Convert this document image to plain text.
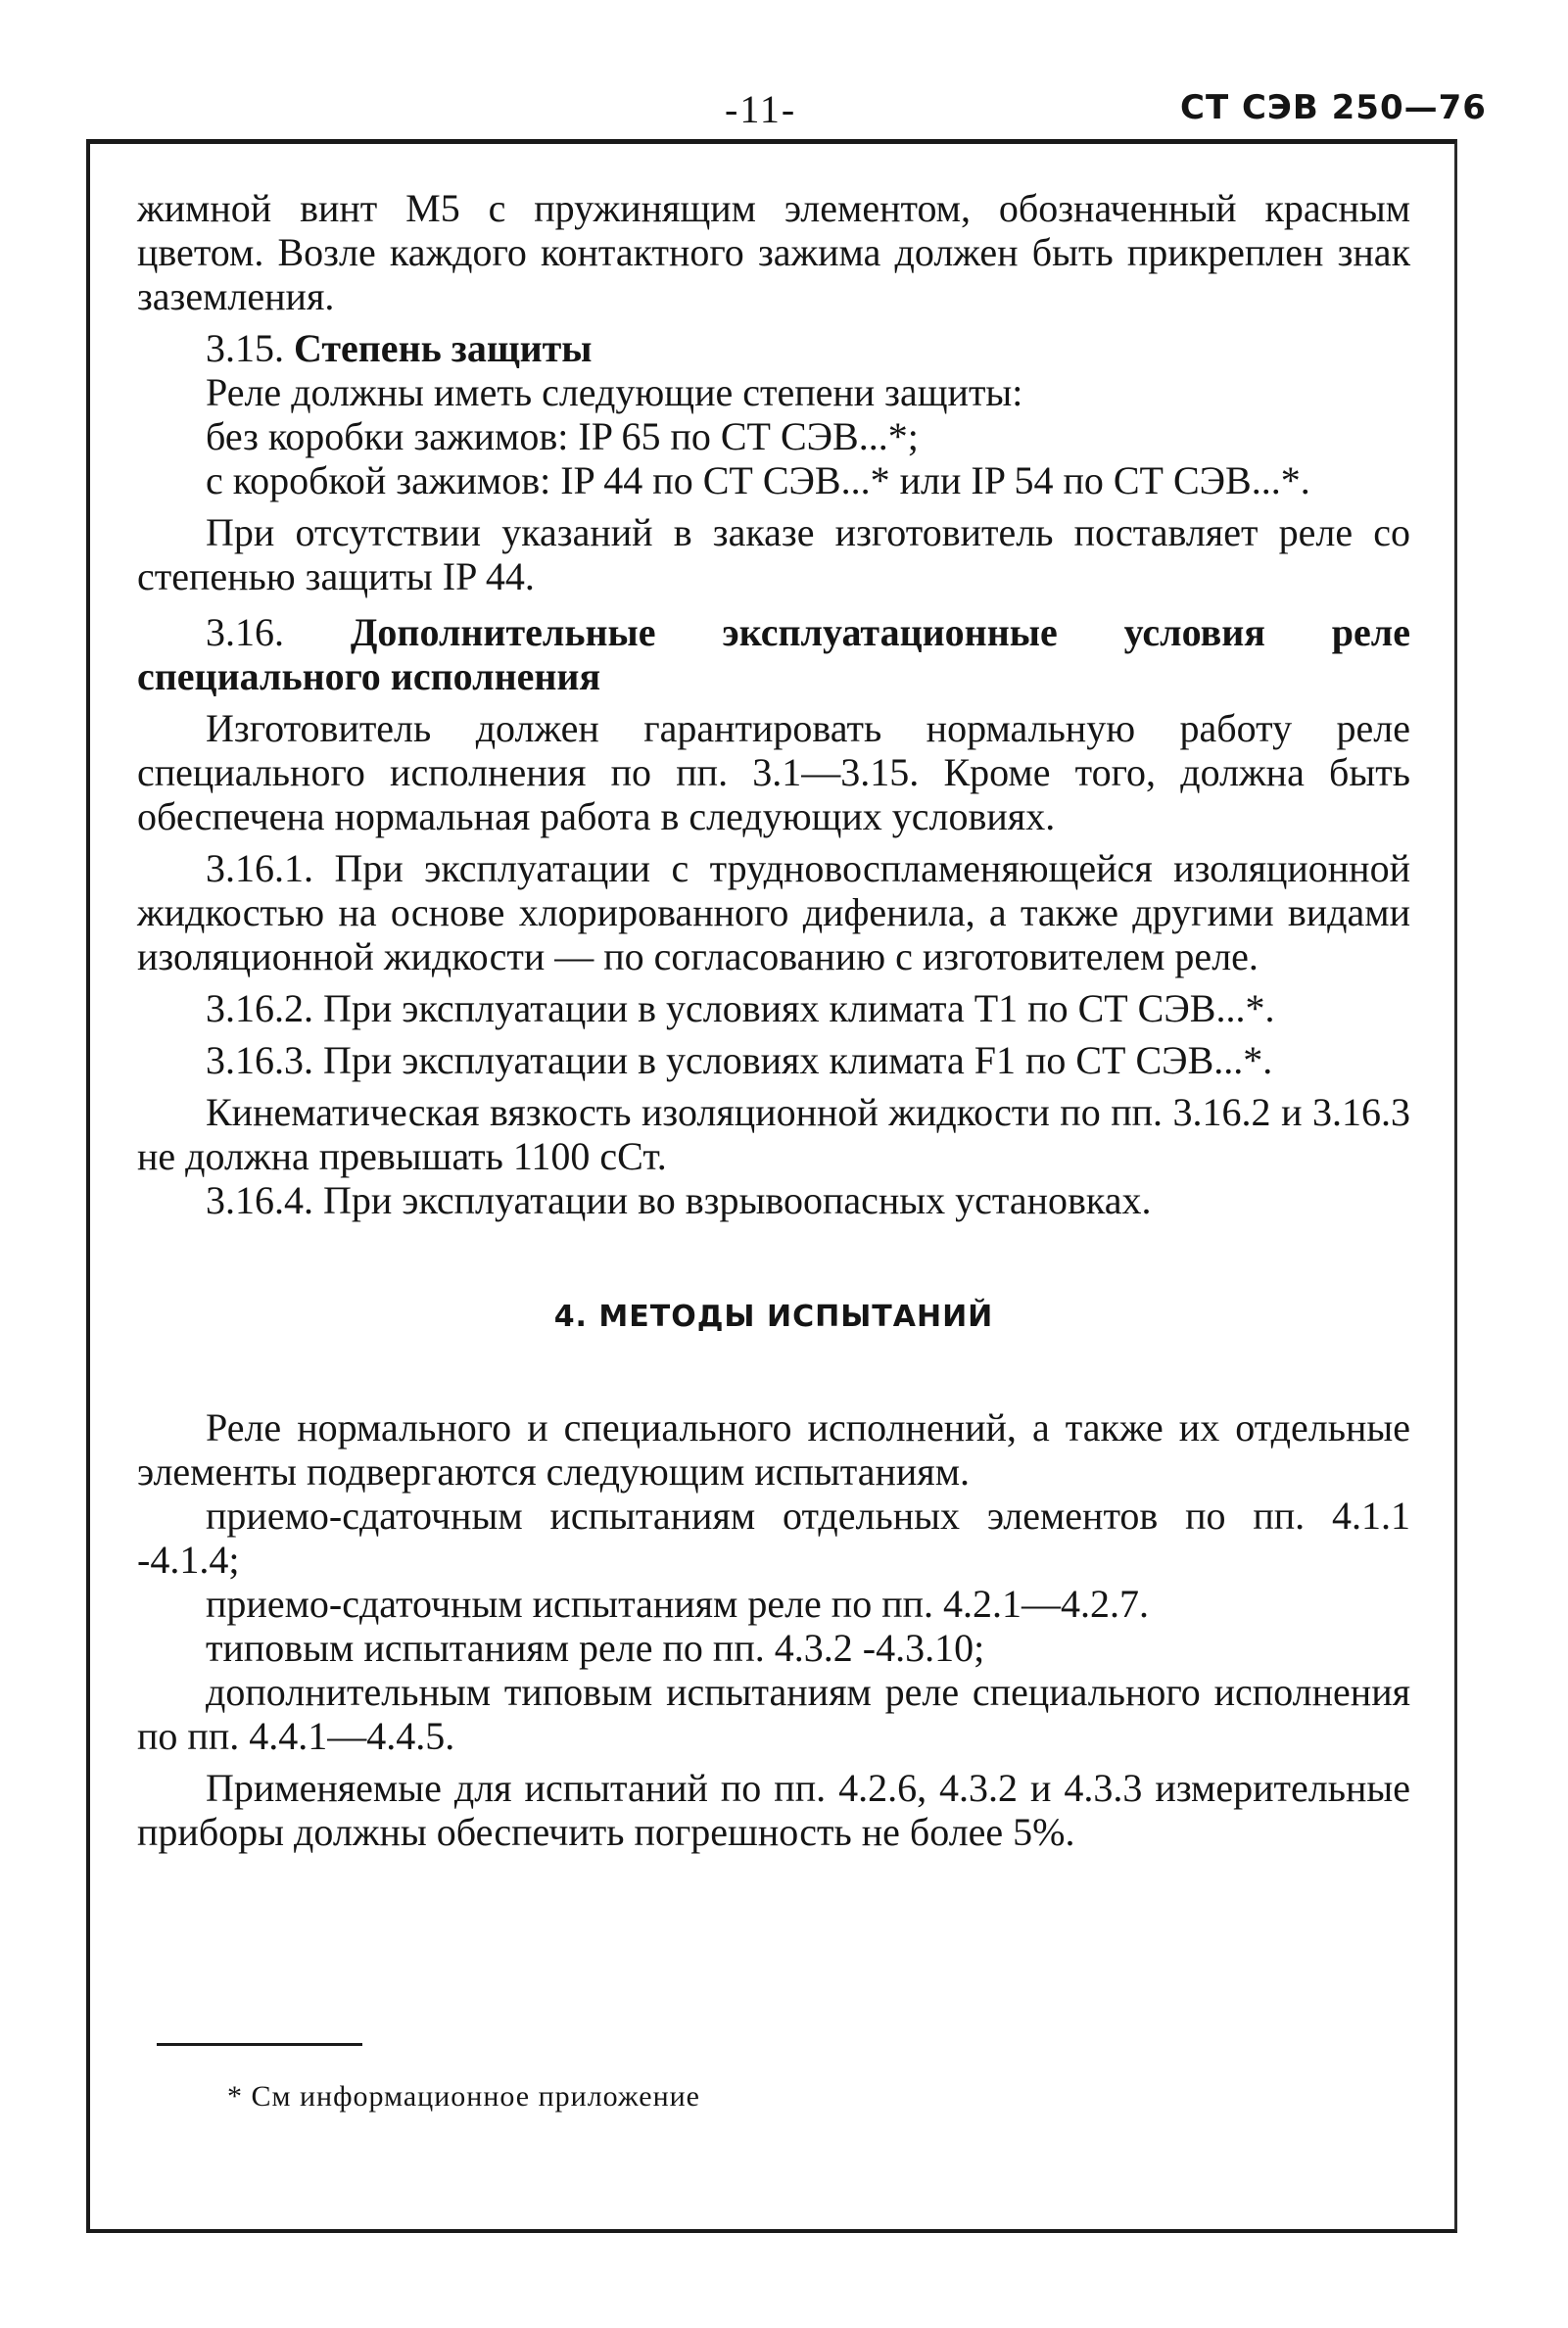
-11-	СТ СЭВ 250—76

жимной винт М5 с пружинящим элементом, обозначенный красным цветом. Возле каждого контактного зажима должен быть прикреплен знак заземления.

3.15. Степень защиты

Реле должны иметь следующие степени защиты:

без коробки зажимов: IP 65 по СТ СЭВ...*;

с коробкой зажимов: IP 44 по СТ СЭВ...* или IP 54 по СТ СЭВ...*.

При отсутствии указаний в заказе изготовитель поставляет реле со степенью защиты IP 44.

3.16. Дополнительные эксплуатационные условия реле специального исполнения

Изготовитель должен гарантировать нормальную работу реле специального исполнения по пп. 3.1—3.15. Кроме того, должна быть обеспечена нормальная работа в следующих условиях.

3.16.1. При эксплуатации с трудновоспламеняющейся изоляционной жидкостью на основе хлорированного дифенила, а также другими видами изоляционной жидкости — по согласованию с изготовителем реле.

3.16.2. При эксплуатации в условиях климата Т1 по СТ СЭВ...*.

3.16.3. При эксплуатации в условиях климата F1 по СТ СЭВ...*.

Кинематическая вязкость изоляционной жидкости по пп. 3.16.2 и 3.16.3 не должна превышать 1100 сСт.

3.16.4. При эксплуатации во взрывоопасных установках.

4. МЕТОДЫ ИСПЫТАНИЙ

Реле нормального и специального исполнений, а также их отдельные элементы подвергаются следующим испытаниям.

приемо-сдаточным испытаниям отдельных элементов по пп. 4.1.1 -4.1.4;

приемо-сдаточным испытаниям реле по пп. 4.2.1—4.2.7.

типовым испытаниям реле по пп. 4.3.2 -4.3.10;

дополнительным типовым испытаниям реле специального исполнения по пп. 4.4.1—4.4.5.

Применяемые для испытаний по пп. 4.2.6, 4.3.2 и 4.3.3 измерительные приборы должны обеспечить погрешность не более 5%.

* См информационное приложение
